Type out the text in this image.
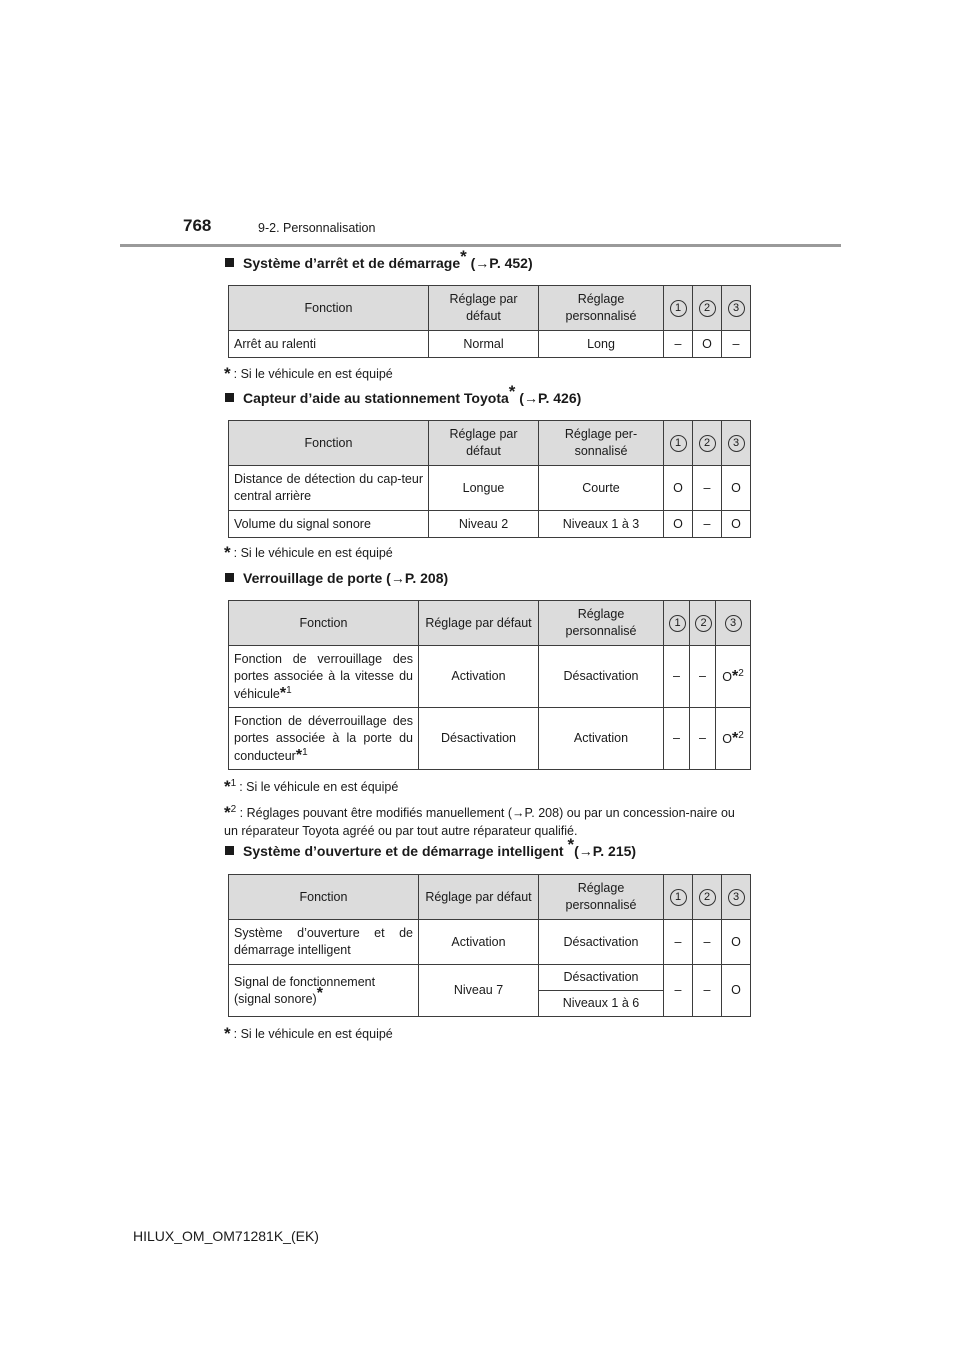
768	9-2. Personnalisation
Système d’arrêt et de démarrage* (→P. 452)
Fonction	Réglage par défaut	Réglage personnalisé	1	2	3
Arrêt au ralenti	Normal	Long	–	O	–
* : Si le véhicule en est équipé
Capteur d’aide au stationnement Toyota* (→P. 426)
Fonction	Réglage par défaut	Réglage per-sonnalisé	1	2	3
Distance de détection du cap-teur central arrière	Longue	Courte	O	–	O
Volume du signal sonore	Niveau 2	Niveaux 1 à 3	O	–	O
* : Si le véhicule en est équipé
Verrouillage de porte (→P. 208)
Fonction	Réglage par défaut	Réglage personnalisé	1	2	3
Fonction de verrouillage des portes associée à la vitesse du véhicule*$^1$	Activation	Désactivation	–	–	O*$^2$
Fonction de déverrouillage des portes associée à la porte du conducteur*$^1$	Désactivation	Activation	–	–	O*$^2$
*$^1$ : Si le véhicule en est équipé
*$^2$ : Réglages pouvant être modifiés manuellement (→P. 208) ou par un concession-naire ou un réparateur Toyota agréé ou par tout autre réparateur qualifié.
Système d’ouverture et de démarrage intelligent *(→P. 215)
Fonction	Réglage par défaut	Réglage personnalisé	1	2	3
Système d’ouverture et de démarrage intelligent	Activation	Désactivation	–	–	O
Signal de fonctionnement (signal sonore)*	Niveau 7	Désactivation	–	–	O
		Niveaux 1 à 6			
* : Si le véhicule en est équipé
HILUX_OM_OM71281K_(EK)
